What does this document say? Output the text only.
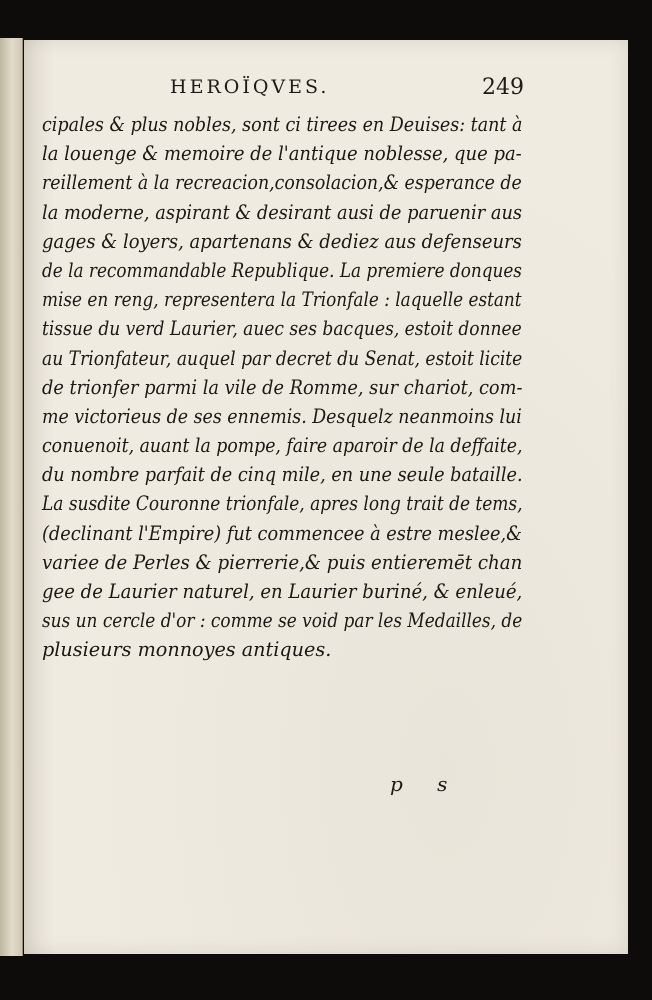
HEROÏQVES.	249
cipales & plus nobles, sont ci tirees en Deuises: tant à
la louenge & memoire de l'antique noblesse, que pa-
reillement à la recreacion,consolacion,& esperance de
la moderne, aspirant & desirant ausi de paruenir aus
gages & loyers, apartenans & dediez aus defenseurs
de la recommandable Republique. La premiere donques
mise en reng, representera la Trionfale : laquelle estant
tissue du verd Laurier, auec ses bacques, estoit donnee
au Trionfateur, auquel par decret du Senat, estoit licite
de trionfer parmi la vile de Romme, sur chariot, com-
me victorieus de ses ennemis. Desquelz neanmoins lui
conuenoit, auant la pompe, faire aparoir de la deffaite,
du nombre parfait de cinq mile, en une seule bataille.
La susdite Couronne trionfale, apres long trait de tems,
(declinant l'Empire) fut commencee à estre meslee,&
variee de Perles & pierrerie,& puis entieremēt chan
gee de Laurier naturel, en Laurier buriné, & enleué,
sus un cercle d'or : comme se void par les Medailles, de
plusieurs monnoyes antiques.
p s
